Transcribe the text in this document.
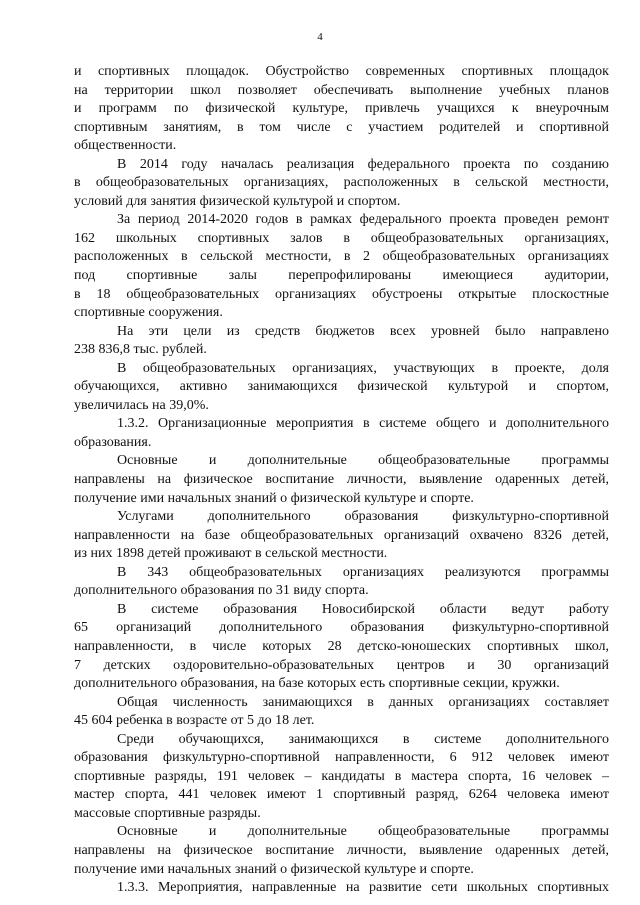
4

и спортивных площадок. Обустройство современных спортивных площадок
на территории школ позволяет обеспечивать выполнение учебных планов
и программ по физической культуре, привлечь учащихся к внеурочным
спортивным занятиям, в том числе с участием родителей и спортивной
общественности.

В 2014 году началась реализация федерального проекта по созданию
в общеобразовательных организациях, расположенных в сельской местности,
условий для занятия физической культурой и спортом.

За период 2014-2020 годов в рамках федерального проекта проведен ремонт
162 школьных спортивных залов в общеобразовательных организациях,
расположенных в сельской местности, в 2 общеобразовательных организациях
под спортивные залы перепрофилированы имеющиеся аудитории,
в 18 общеобразовательных организациях обустроены открытые плоскостные
спортивные сооружения.

На эти цели из средств бюджетов всех уровней было направлено
238 836,8 тыс. рублей.

В общеобразовательных организациях, участвующих в проекте, доля
обучающихся, активно занимающихся физической культурой и спортом,
увеличилась на 39,0%.

1.3.2. Организационные мероприятия в системе общего и дополнительного
образования.

Основные и дополнительные общеобразовательные программы
направлены на физическое воспитание личности, выявление одаренных детей,
получение ими начальных знаний о физической культуре и спорте.

Услугами дополнительного образования физкультурно-спортивной
направленности на базе общеобразовательных организаций охвачено 8326 детей,
из них 1898 детей проживают в сельской местности.

В 343 общеобразовательных организациях реализуются программы
дополнительного образования по 31 виду спорта.

В системе образования Новосибирской области ведут работу
65 организаций дополнительного образования физкультурно-спортивной
направленности, в числе которых 28 детско-юношеских спортивных школ,
7 детских оздоровительно-образовательных центров и 30 организаций
дополнительного образования, на базе которых есть спортивные секции, кружки.

Общая численность занимающихся в данных организациях составляет
45 604 ребенка в возрасте от 5 до 18 лет.

Среди обучающихся, занимающихся в системе дополнительного
образования физкультурно-спортивной направленности, 6 912 человек имеют
спортивные разряды, 191 человек – кандидаты в мастера спорта, 16 человек –
мастер спорта, 441 человек имеют 1 спортивный разряд, 6264 человека имеют
массовые спортивные разряды.

Основные и дополнительные общеобразовательные программы
направлены на физическое воспитание личности, выявление одаренных детей,
получение ими начальных знаний о физической культуре и спорте.

1.3.3. Мероприятия, направленные на развитие сети школьных спортивных
